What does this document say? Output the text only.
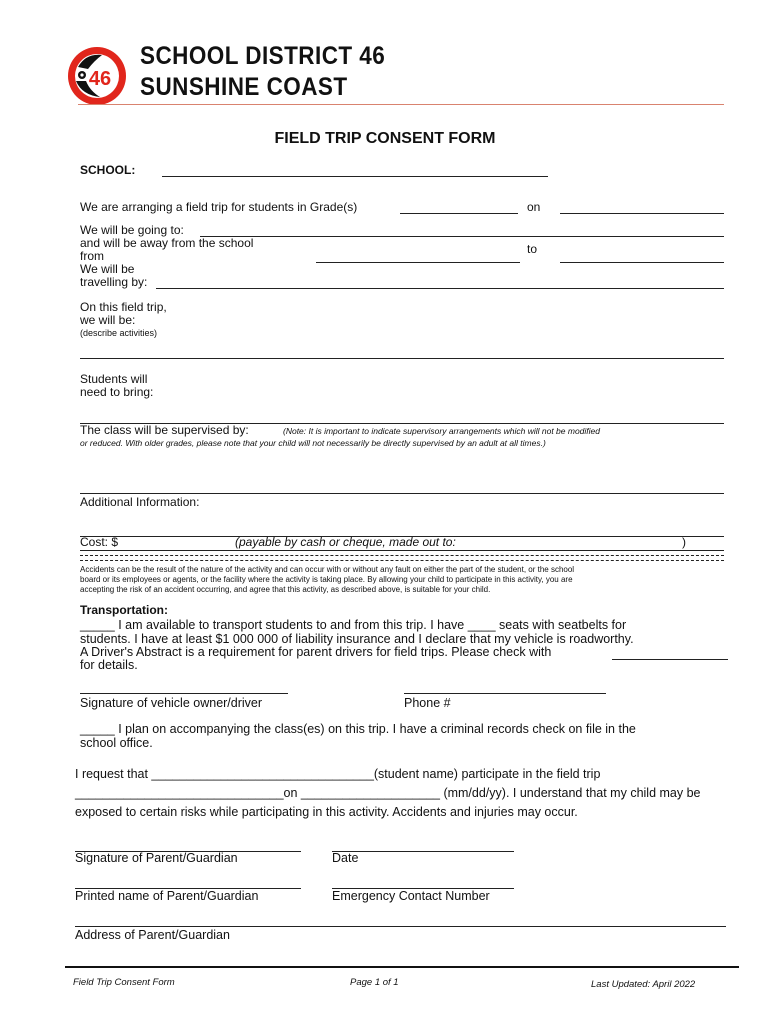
46
SCHOOL DISTRICT 46
SUNSHINE COAST
FIELD TRIP CONSENT FORM
SCHOOL:
We are arranging a field trip for students in Grade(s)	on
We will be going to:
and will be away from the school
from	to
We will be
travelling by:
On this field trip,
we will be:
(describe activities)
Students will
need to bring:
The class will be supervised by:	(Note: It is important to indicate supervisory arrangements which will not be modified
or reduced. With older grades, please note that your child will not necessarily be directly supervised by an adult at all times.)
Additional Information:
Cost: $	(payable by cash or cheque, made out to:	)
Accidents can be the result of the nature of the activity and can occur with or without any fault on either the part of the student, or the school
board or its employees or agents, or the facility where the activity is taking place. By allowing your child to participate in this activity, you are
accepting the risk of an accident occurring, and agree that this activity, as described above, is suitable for your child.
Transportation:
_____ I am available to transport students to and from this trip. I have ____ seats with seatbelts for
students. I have at least $1 000 000 of liability insurance and I declare that my vehicle is roadworthy.
A Driver's Abstract is a requirement for parent drivers for field trips. Please check with
for details.
Signature of vehicle owner/driver	Phone #
_____ I plan on accompanying the class(es) on this trip. I have a criminal records check on file in the
school office.
I request that ________________________________(student name) participate in the field trip
______________________________on ____________________ (mm/dd/yy). I understand that my child may be
exposed to certain risks while participating in this activity. Accidents and injuries may occur.
Signature of Parent/Guardian	Date
Printed name of Parent/Guardian	Emergency Contact Number
Address of Parent/Guardian
Field Trip Consent Form	Page 1 of 1	Last Updated: April 2022
